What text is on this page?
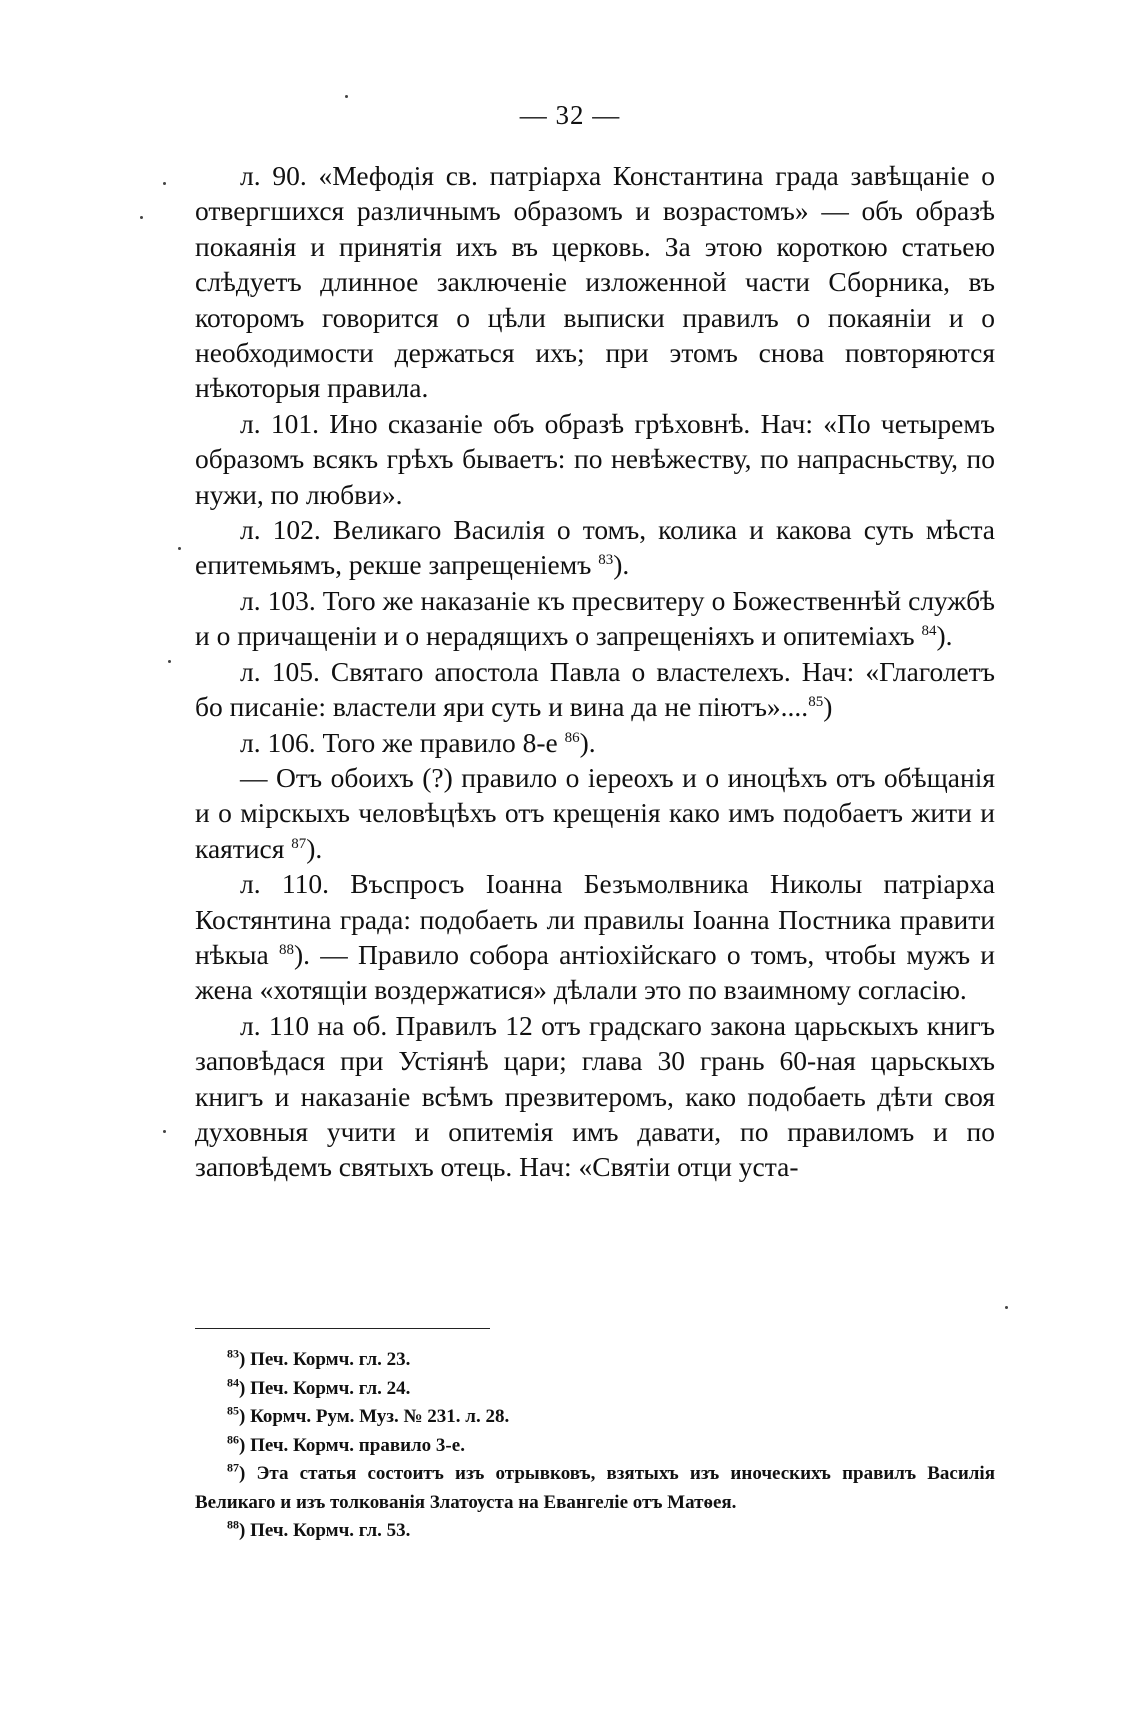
— 32 —

л. 90. «Мефодія св. патріарха Константина града завѣщаніе о отвергшихся различнымъ образомъ и возрастомъ» — объ образѣ покаянія и принятія ихъ въ церковь. За этою короткою статьею слѣдуетъ длинное заключеніе изложенной части Сборника, въ которомъ говорится о цѣли выписки правилъ о покаяніи и о необходимости держаться ихъ; при этомъ снова повторяются нѣкоторыя правила.

л. 101. Ино сказаніе объ образѣ грѣховнѣ. Нач: «По четыремъ образомъ всякъ грѣхъ бываетъ: по невѣжеству, по напрасньству, по нужи, по любви».

л. 102. Великаго Василія о томъ, колика и какова суть мѣста епитемьямъ, рекше запрещеніемъ $^{83}$).

л. 103. Того же наказаніе къ пресвитеру о Божественнѣй службѣ и о причащеніи и о нерадящихъ о запрещеніяхъ и опитеміахъ $^{84}$).

л. 105. Святаго апостола Павла о властелехъ. Нач: «Глаголетъ бо писаніе: властели яри суть и вина да не піютъ»....$^{85}$)

л. 106. Того же правило 8-е $^{86}$).

— Отъ обоихъ (?) правило о іереохъ и о иноцѣхъ отъ обѣщанія и о мірскыхъ человѣцѣхъ отъ крещенія како имъ подобаетъ жити и каятися $^{87}$).

л. 110. Въспросъ Іоанна Безъмолвника Николы патріарха Костянтина града: подобаеть ли правилы Іоанна Постника правити нѣкыа $^{88}$). — Правило собора антіохійскаго о томъ, чтобы мужъ и жена «хотящіи воздержатися» дѣлали это по взаимному согласію.

л. 110 на об. Правилъ 12 отъ градскаго закона царьскыхъ книгъ заповѣдася при Устіянѣ цари; глава 30 грань 60-ная царьскыхъ книгъ и наказаніе всѣмъ презвитеромъ, како подобаеть дѣти своя духовныя учити и опитемія имъ давати, по правиломъ и по заповѣдемъ святыхъ отець. Нач: «Святіи отци уста-

$^{83}$) Печ. Кормч. гл. 23.

$^{84}$) Печ. Кормч. гл. 24.

$^{85}$) Кормч. Рум. Муз. № 231. л. 28.

$^{86}$) Печ. Кормч. правило 3-е.

$^{87}$) Эта статья состоитъ изъ отрывковъ, взятыхъ изъ иноческихъ правилъ Василія Великаго и изъ толкованія Златоуста на Евангеліе отъ Матѳея.

$^{88}$) Печ. Кормч. гл. 53.
